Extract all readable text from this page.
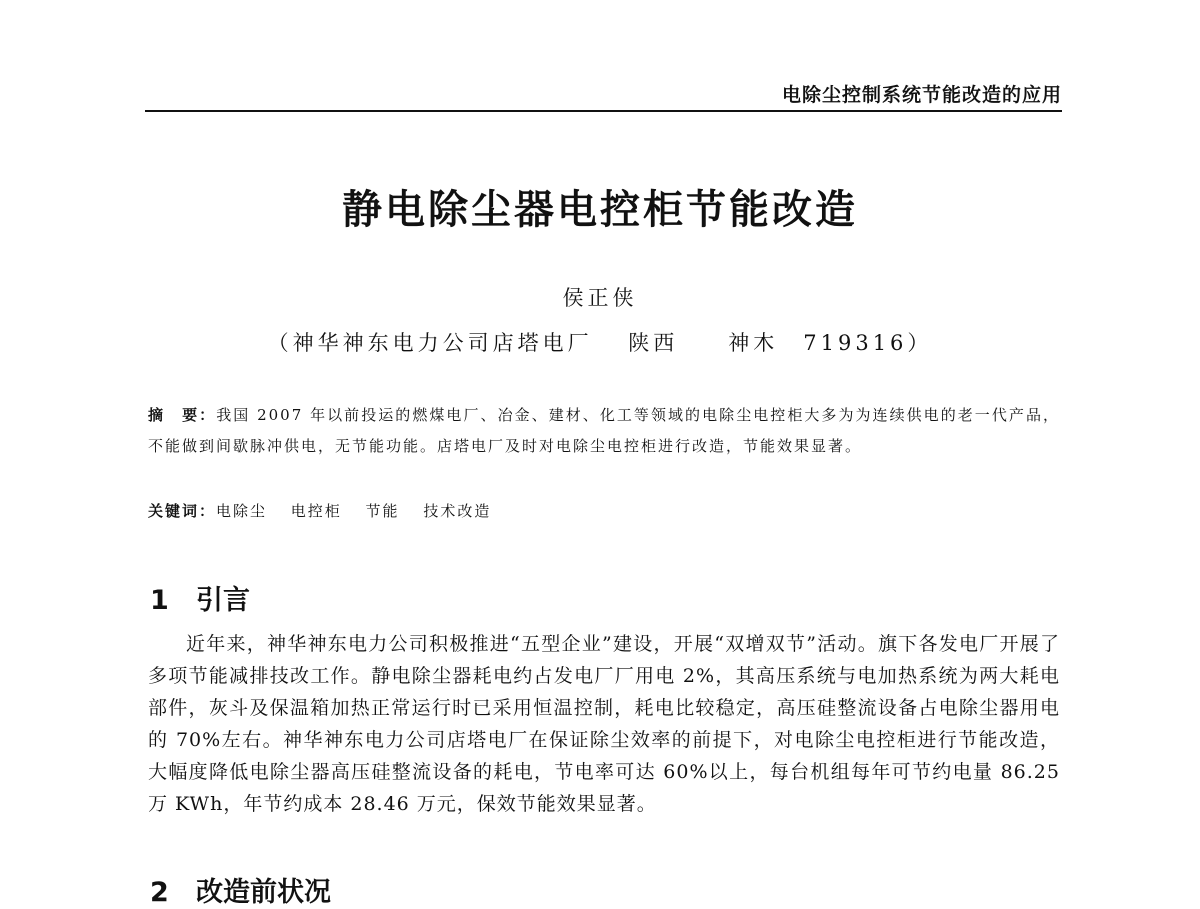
电除尘控制系统节能改造的应用
静电除尘器电控柜节能改造
侯正侠
（神华神东电力公司店塔电厂　 陕西　　神木　719316）
摘　要：我国 2007 年以前投运的燃煤电厂、冶金、建材、化工等领域的电除尘电控柜大多为为连续供电的老一代产品，不能做到间歇脉冲供电，无节能功能。店塔电厂及时对电除尘电控柜进行改造，节能效果显著。
关键词：电除尘　 电控柜　 节能　 技术改造
1 引言
近年来，神华神东电力公司积极推进“五型企业”建设，开展“双增双节”活动。旗下各发电厂开展了多项节能减排技改工作。静电除尘器耗电约占发电厂厂用电 2%，其高压系统与电加热系统为两大耗电部件，灰斗及保温箱加热正常运行时已采用恒温控制，耗电比较稳定，高压硅整流设备占电除尘器用电的 70%左右。神华神东电力公司店塔电厂在保证除尘效率的前提下，对电除尘电控柜进行节能改造，大幅度降低电除尘器高压硅整流设备的耗电，节电率可达 60%以上，每台机组每年可节约电量 86.25 万 KWh，年节约成本 28.46 万元，保效节能效果显著。
2 改造前状况
